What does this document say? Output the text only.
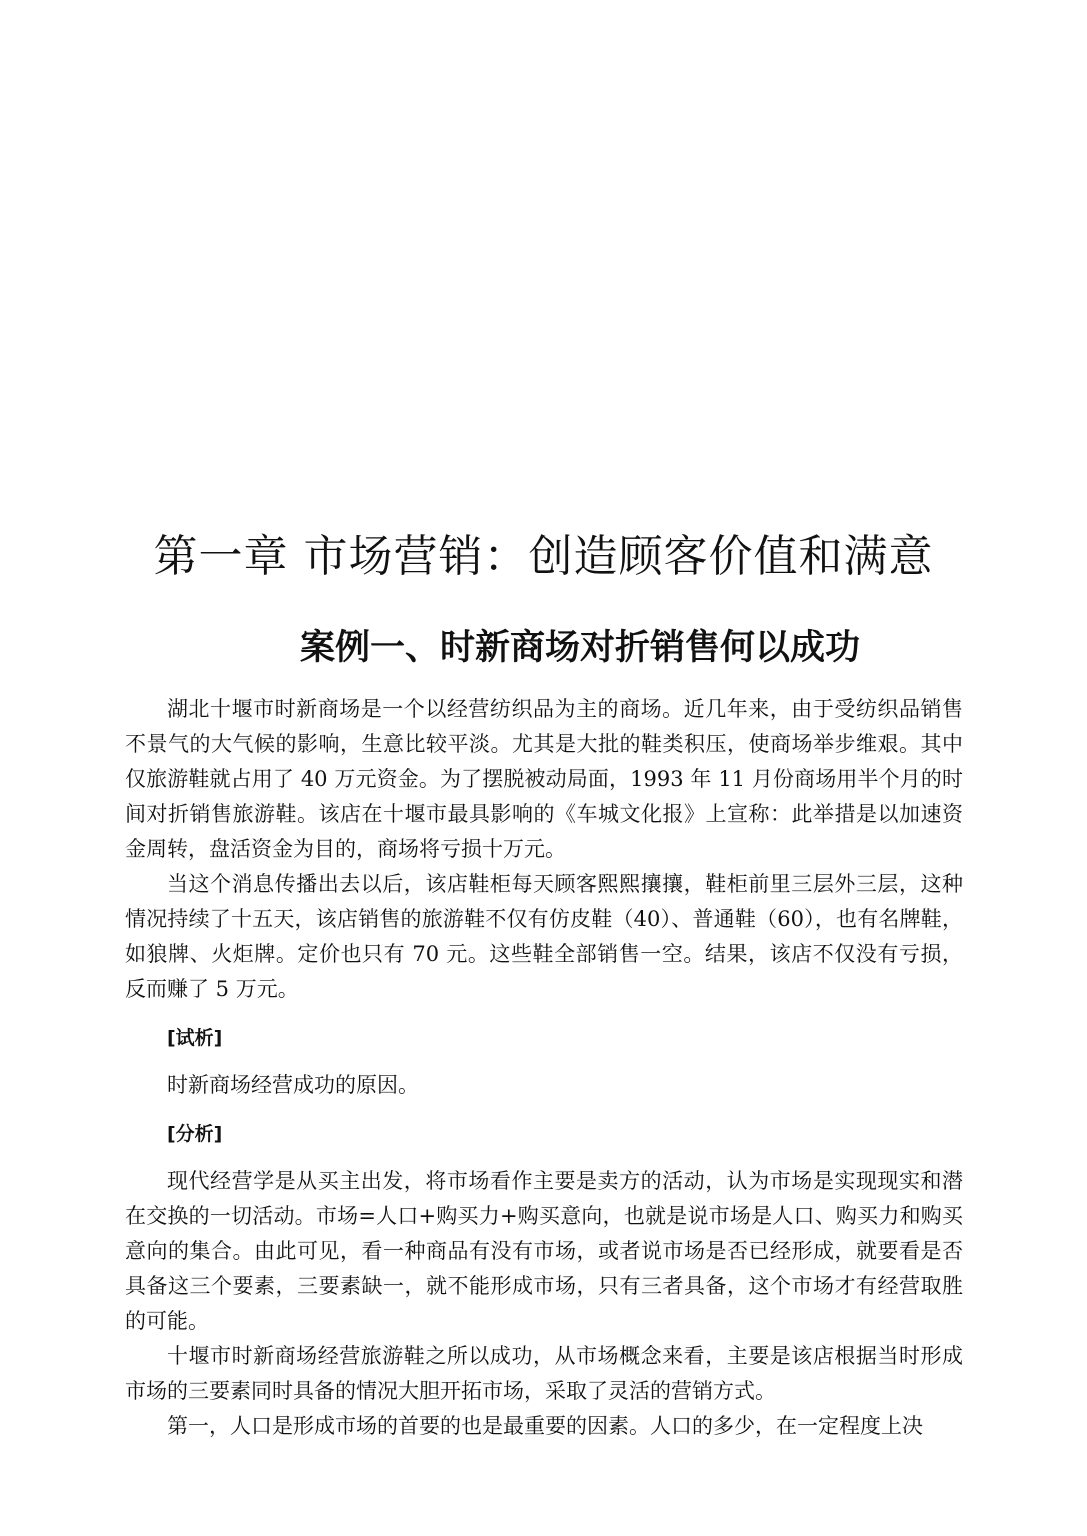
第一章 市场营销：创造顾客价值和满意
案例一、时新商场对折销售何以成功

湖北十堰市时新商场是一个以经营纺织品为主的商场。近几年来，由于受纺织品销售不景气的大气候的影响，生意比较平淡。尤其是大批的鞋类积压，使商场举步维艰。其中仅旅游鞋就占用了 40 万元资金。为了摆脱被动局面，1993 年 11 月份商场用半个月的时间对折销售旅游鞋。该店在十堰市最具影响的《车城文化报》上宣称：此举措是以加速资金周转，盘活资金为目的，商场将亏损十万元。

当这个消息传播出去以后，该店鞋柜每天顾客熙熙攘攘，鞋柜前里三层外三层，这种情况持续了十五天，该店销售的旅游鞋不仅有仿皮鞋（40）、普通鞋（60），也有名牌鞋，如狼牌、火炬牌。定价也只有 70 元。这些鞋全部销售一空。结果，该店不仅没有亏损，反而赚了 5 万元。

[试析]

时新商场经营成功的原因。

[分析]

现代经营学是从买主出发，将市场看作主要是卖方的活动，认为市场是实现现实和潜在交换的一切活动。市场=人口+购买力+购买意向，也就是说市场是人口、购买力和购买意向的集合。由此可见，看一种商品有没有市场，或者说市场是否已经形成，就要看是否具备这三个要素，三要素缺一，就不能形成市场，只有三者具备，这个市场才有经营取胜的可能。

十堰市时新商场经营旅游鞋之所以成功，从市场概念来看，主要是该店根据当时形成市场的三要素同时具备的情况大胆开拓市场，采取了灵活的营销方式。

第一，人口是形成市场的首要的也是最重要的因素。人口的多少，在一定程度上决
